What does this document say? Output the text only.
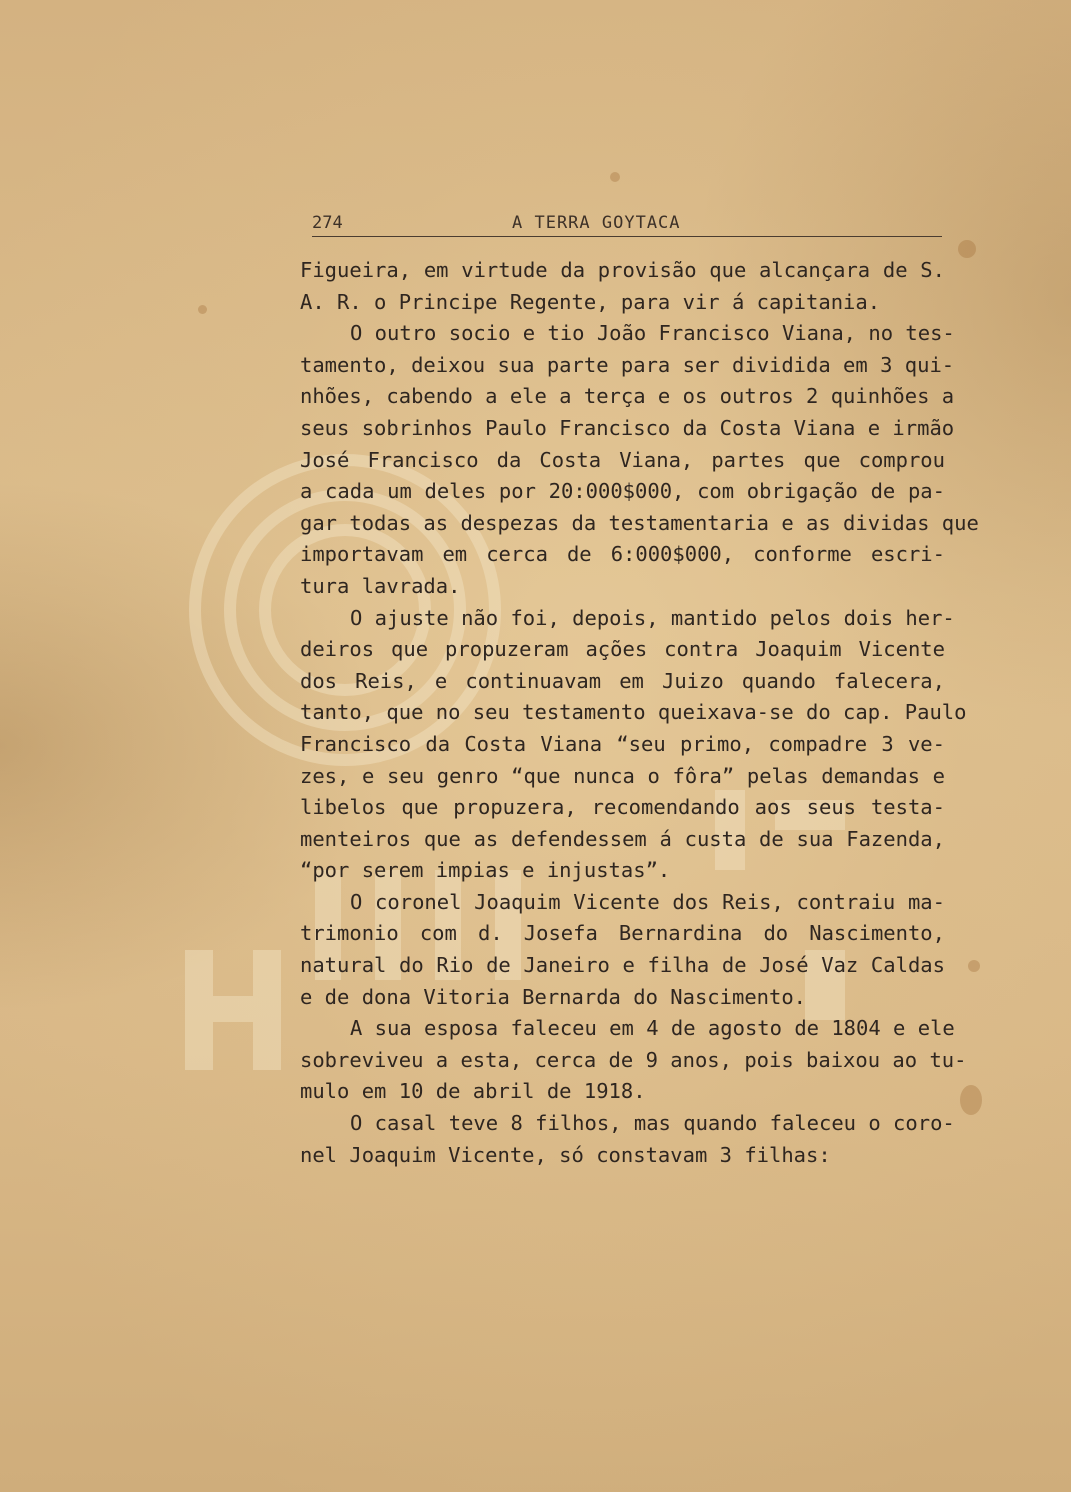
274	A TERRA GOYTACA
Figueira, em virtude da provisão que alcançara de S.
A. R. o Principe Regente, para vir á capitania.
O outro socio e tio João Francisco Viana, no tes-
tamento, deixou sua parte para ser dividida em 3 qui-
nhões, cabendo a ele a terça e os outros 2 quinhões a
seus sobrinhos Paulo Francisco da Costa Viana e irmão
José Francisco da Costa Viana, partes que comprou
a cada um deles por 20:000$000, com obrigação de pa-
gar todas as despezas da testamentaria e as dividas que
importavam em cerca de 6:000$000, conforme escri-
tura lavrada.
O ajuste não foi, depois, mantido pelos dois her-
deiros que propuzeram ações contra Joaquim Vicente
dos Reis, e continuavam em Juizo quando falecera,
tanto, que no seu testamento queixava-se do cap. Paulo
Francisco da Costa Viana “seu primo, compadre 3 ve-
zes, e seu genro “que nunca o fôra” pelas demandas e
libelos que propuzera, recomendando aos seus testa-
menteiros que as defendessem á custa de sua Fazenda,
“por serem impias e injustas”.
O coronel Joaquim Vicente dos Reis, contraiu ma-
trimonio com d. Josefa Bernardina do Nascimento,
natural do Rio de Janeiro e filha de José Vaz Caldas
e de dona Vitoria Bernarda do Nascimento.
A sua esposa faleceu em 4 de agosto de 1804 e ele
sobreviveu a esta, cerca de 9 anos, pois baixou ao tu-
mulo em 10 de abril de 1918.
O casal teve 8 filhos, mas quando faleceu o coro-
nel Joaquim Vicente, só constavam 3 filhas:
